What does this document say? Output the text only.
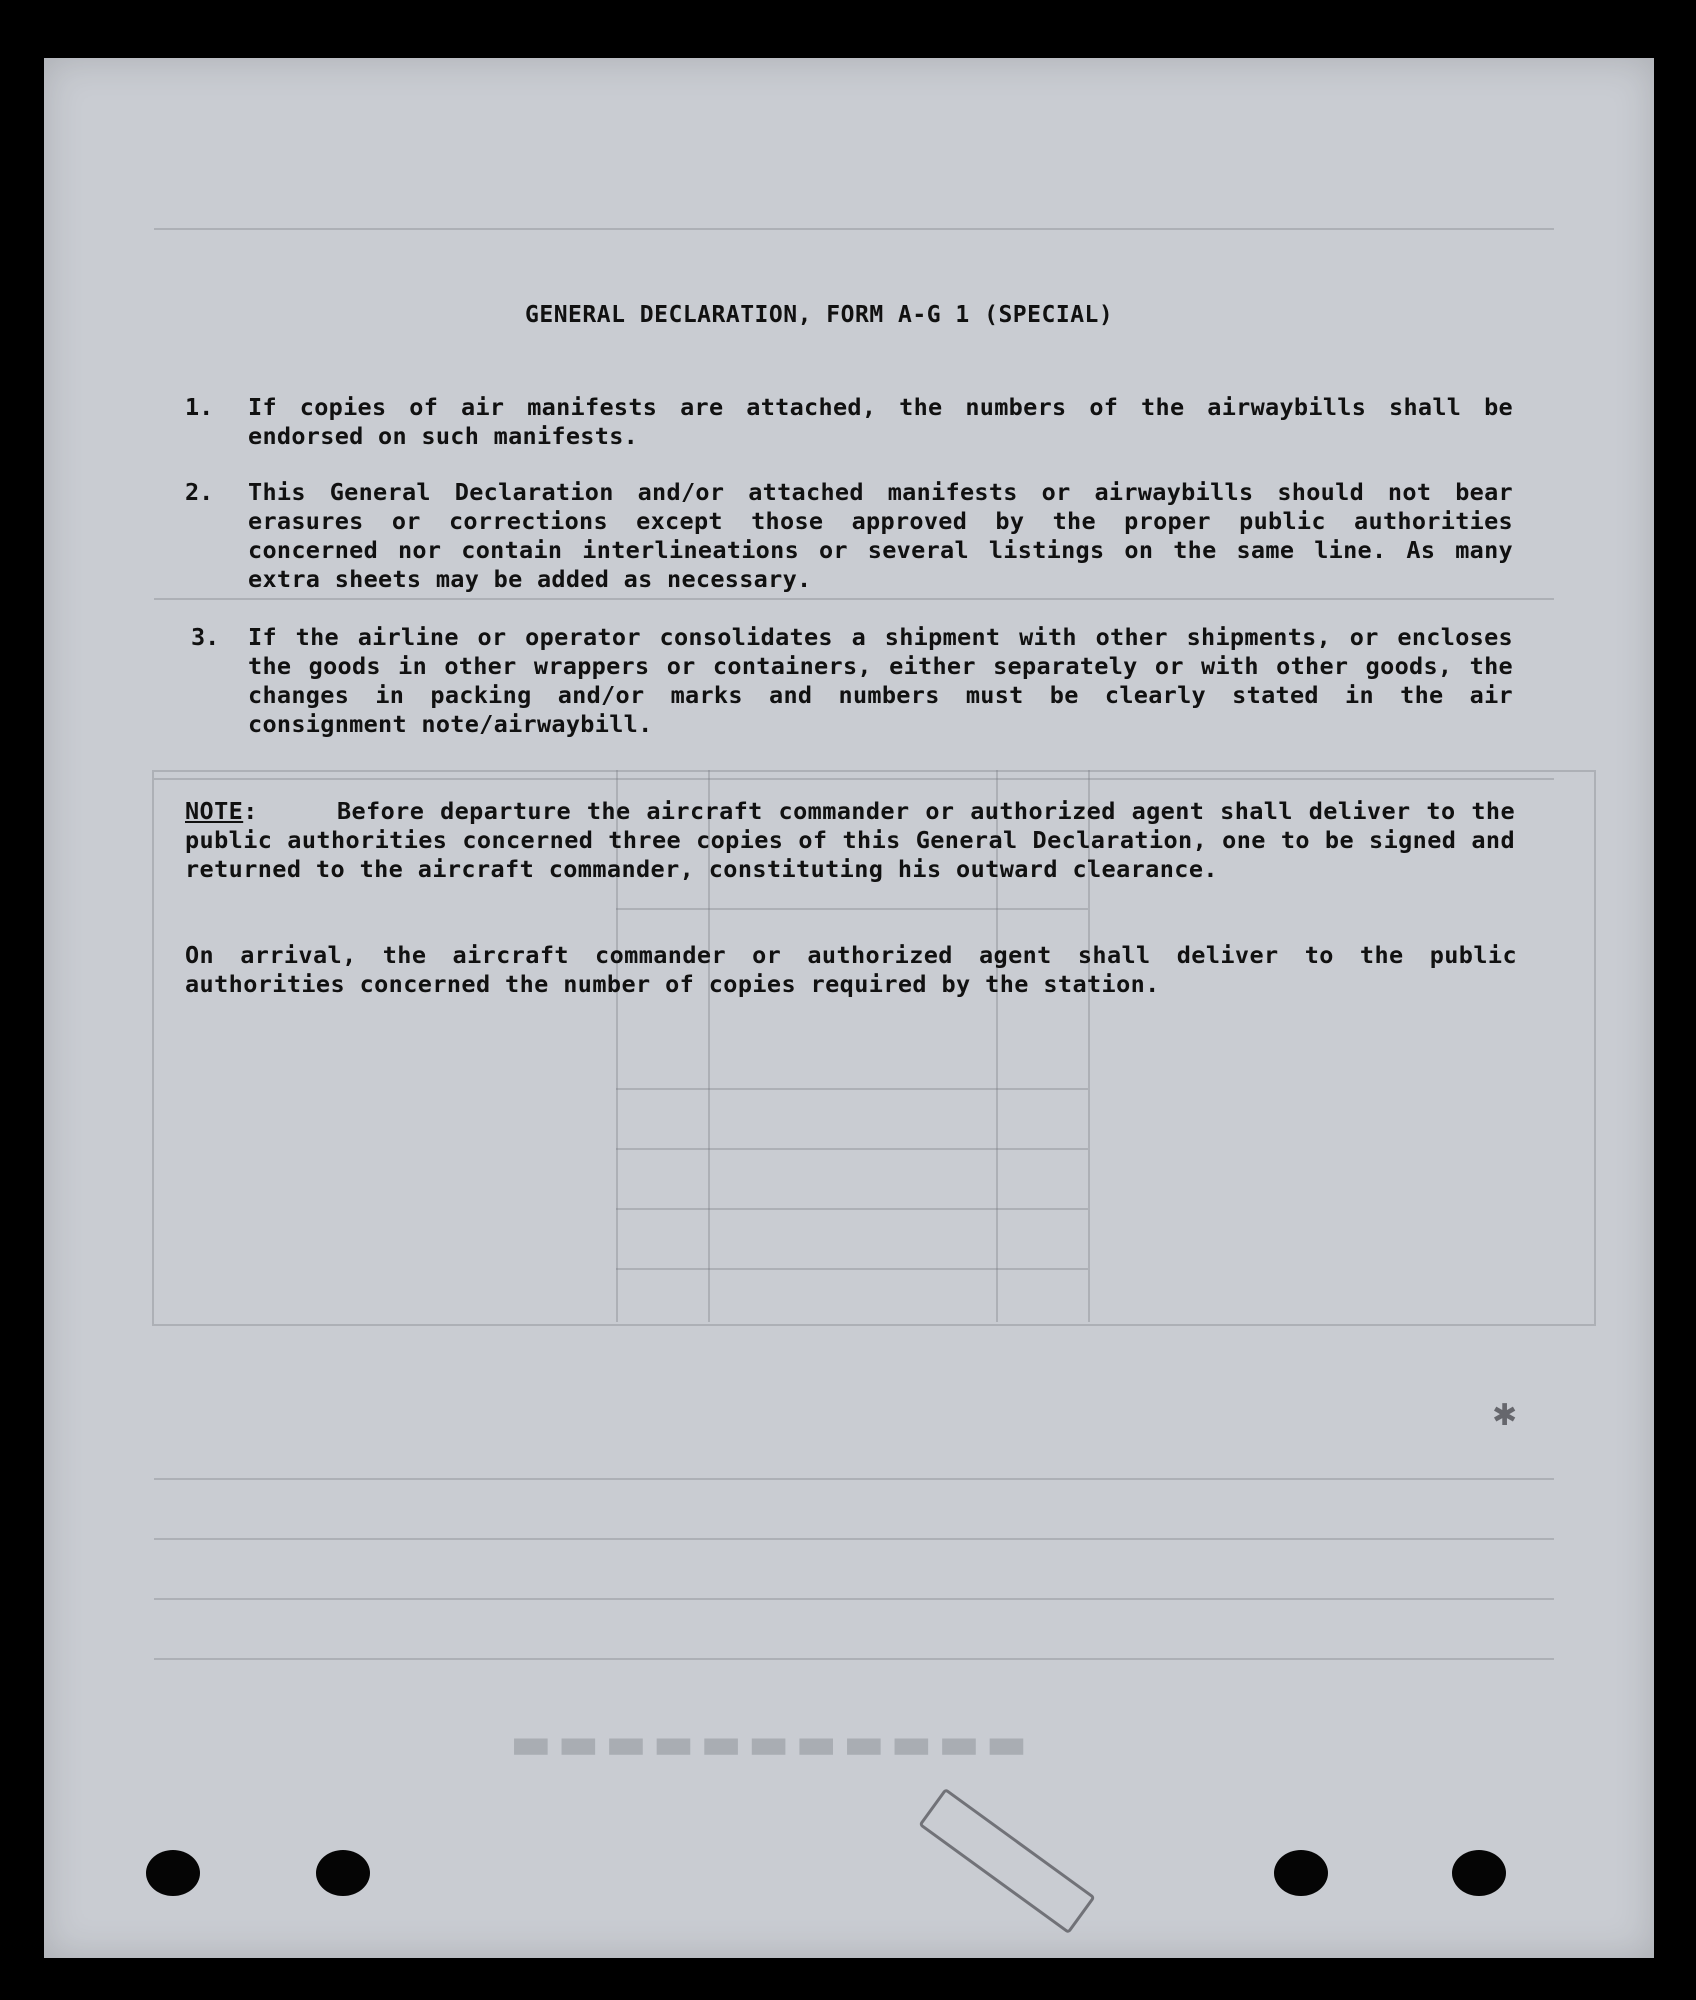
▬▬▬▬▬▬▬▬▬▬▬
✱
GENERAL DECLARATION, FORM A-G 1 (SPECIAL)
1. If copies of air manifests are attached, the numbers of the airwaybills shall be endorsed on such manifests.
2. This General Declaration and/or attached manifests or airwaybills should not bear erasures or corrections except those approved by the proper public authorities concerned nor contain interlineations or several listings on the same line. As many extra sheets may be added as necessary.
3. If the airline or operator consolidates a shipment with other shipments, or encloses the goods in other wrappers or containers, either separately or with other goods, the changes in packing and/or marks and numbers must be clearly stated in the air consignment note/airwaybill.
NOTE:	Before departure the aircraft commander or authorized agent shall deliver to the public authorities concerned three copies of this General Declaration, one to be signed and returned to the aircraft commander, constituting his outward clearance.
On arrival, the aircraft commander or authorized agent shall deliver to the public authorities concerned the number of copies required by the station.
